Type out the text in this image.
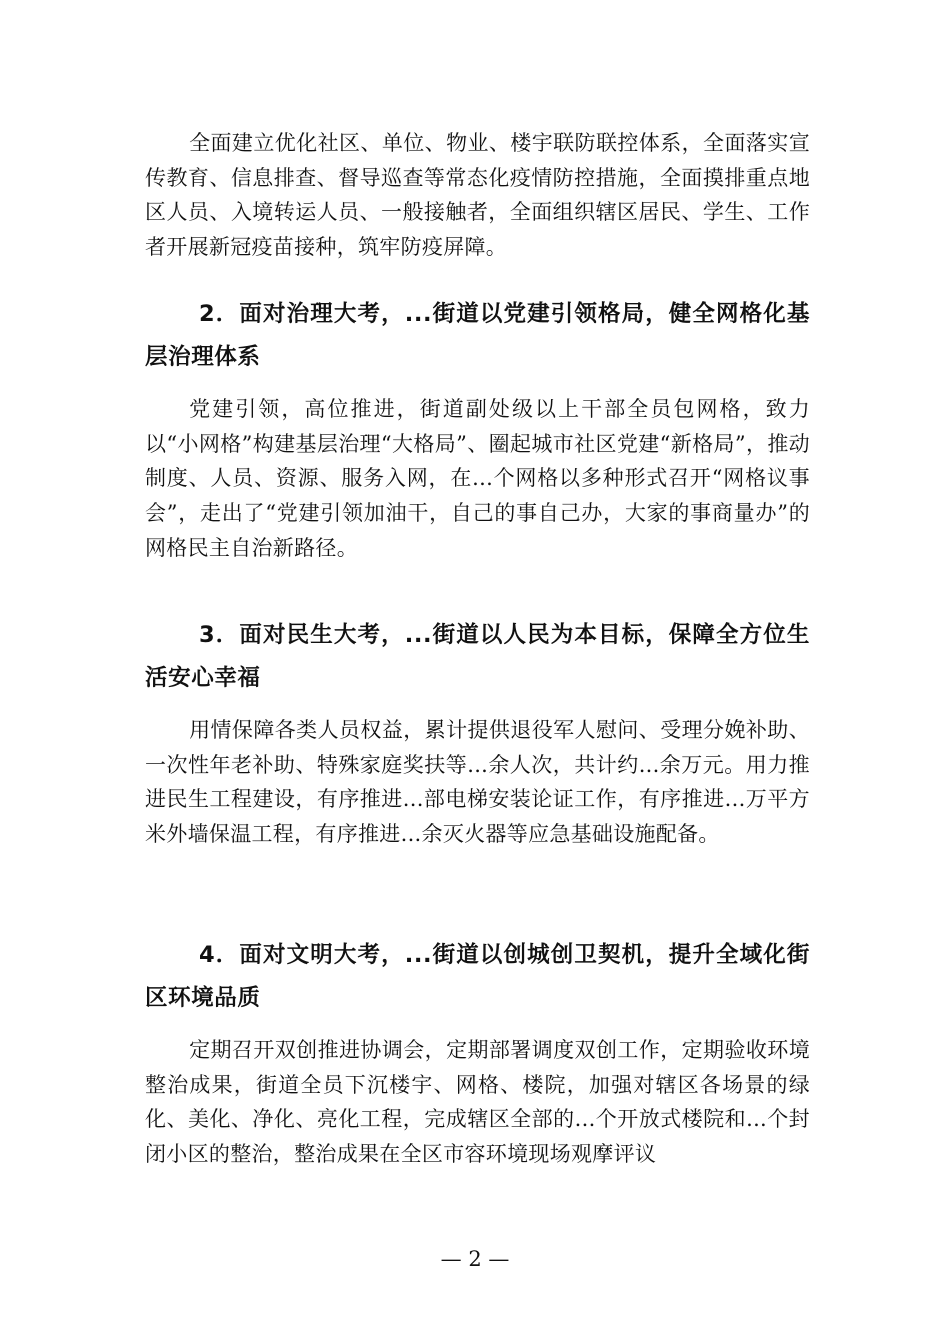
全面建立优化社区、单位、物业、楼宇联防联控体系，全面落实宣传教育、信息排查、督导巡查等常态化疫情防控措施，全面摸排重点地区人员、入境转运人员、一般接触者，全面组织辖区居民、学生、工作者开展新冠疫苗接种，筑牢防疫屏障。

2．面对治理大考，...街道以党建引领格局，健全网格化基层治理体系

党建引领，高位推进，街道副处级以上干部全员包网格，致力以“小网格”构建基层治理“大格局”、圈起城市社区党建“新格局”，推动制度、人员、资源、服务入网，在...个网格以多种形式召开“网格议事会”，走出了“党建引领加油干，自己的事自己办，大家的事商量办”的网格民主自治新路径。

3．面对民生大考，...街道以人民为本目标，保障全方位生活安心幸福

用情保障各类人员权益，累计提供退役军人慰问、受理分娩补助、一次性年老补助、特殊家庭奖扶等...余人次，共计约...余万元。用力推进民生工程建设，有序推进...部电梯安装论证工作，有序推进...万平方米外墙保温工程，有序推进...余灭火器等应急基础设施配备。

4．面对文明大考，...街道以创城创卫契机，提升全域化街区环境品质

定期召开双创推进协调会，定期部署调度双创工作，定期验收环境整治成果，街道全员下沉楼宇、网格、楼院，加强对辖区各场景的绿化、美化、净化、亮化工程，完成辖区全部的...个开放式楼院和...个封闭小区的整治，整治成果在全区市容环境现场观摩评议

— 2 —
